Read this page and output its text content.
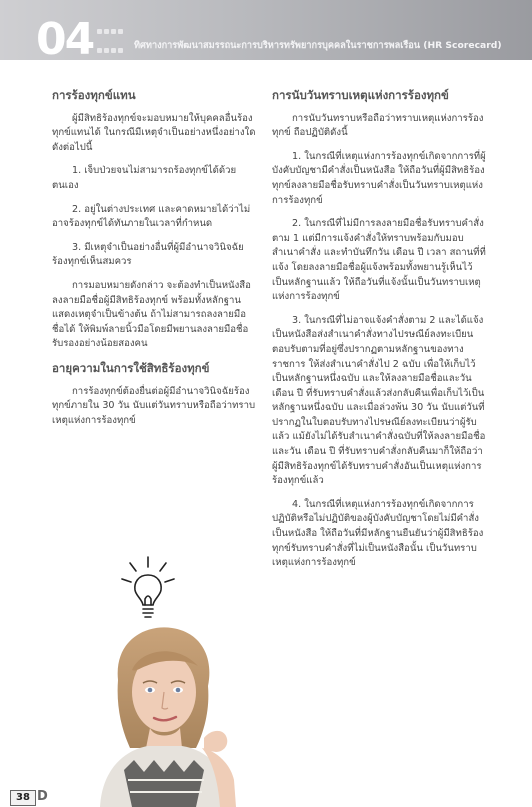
04	ทิศทางการพัฒนาสมรรถนะการบริหารทรัพยากรบุคคลในราชการพลเรือน (HR Scorecard)

การร้องทุกข์แทน

ผู้มีสิทธิร้องทุกข์จะมอบหมายให้บุคคลอื่นร้องทุกข์แทนได้ ในกรณีมีเหตุจำเป็นอย่างหนึ่งอย่างใดดังต่อไปนี้

1. เจ็บป่วยจนไม่สามารถร้องทุกข์ได้ด้วยตนเอง

2. อยู่ในต่างประเทศ และคาดหมายได้ว่าไม่อาจร้องทุกข์ได้ทันภายในเวลาที่กำหนด

3. มีเหตุจำเป็นอย่างอื่นที่ผู้มีอำนาจวินิจฉัยร้องทุกข์เห็นสมควร

การมอบหมายดังกล่าว จะต้องทำเป็นหนังสือลงลายมือชื่อผู้มีสิทธิร้องทุกข์ พร้อมทั้งหลักฐานแสดงเหตุจำเป็นข้างต้น ถ้าไม่สามารถลงลายมือชื่อได้ ให้พิมพ์ลายนิ้วมือโดยมีพยานลงลายมือชื่อรับรองอย่างน้อยสองคน

อายุความในการใช้สิทธิร้องทุกข์

การร้องทุกข์ต้องยื่นต่อผู้มีอำนาจวินิจฉัยร้องทุกข์ภายใน 30 วัน นับแต่วันทราบหรือถือว่าทราบเหตุแห่งการร้องทุกข์

การนับวันทราบเหตุแห่งการร้องทุกข์

การนับวันทราบหรือถือว่าทราบเหตุแห่งการร้องทุกข์ ถือปฏิบัติดังนี้

1. ในกรณีที่เหตุแห่งการร้องทุกข์เกิดจากการที่ผู้บังคับบัญชามีคำสั่งเป็นหนังสือ ให้ถือวันที่ผู้มีสิทธิร้องทุกข์ลงลายมือชื่อรับทราบคำสั่งเป็นวันทราบเหตุแห่งการร้องทุกข์

2. ในกรณีที่ไม่มีการลงลายมือชื่อรับทราบคำสั่งตาม 1 แต่มีการแจ้งคำสั่งให้ทราบพร้อมกับมอบสำเนาคำสั่ง และทำบันทึกวัน เดือน ปี เวลา สถานที่ที่แจ้ง โดยลงลายมือชื่อผู้แจ้งพร้อมทั้งพยานรู้เห็นไว้เป็นหลักฐานแล้ว ให้ถือวันที่แจ้งนั้นเป็นวันทราบเหตุแห่งการร้องทุกข์

3. ในกรณีที่ไม่อาจแจ้งคำสั่งตาม 2 และได้แจ้งเป็นหนังสือส่งสำเนาคำสั่งทางไปรษณีย์ลงทะเบียนตอบรับตามที่อยู่ซึ่งปรากฏตามหลักฐานของทางราชการ ให้ส่งสำเนาคำสั่งไป 2 ฉบับ เพื่อให้เก็บไว้เป็นหลักฐานหนึ่งฉบับ และให้ลงลายมือชื่อและวัน เดือน ปี ที่รับทราบคำสั่งแล้วส่งกลับคืนเพื่อเก็บไว้เป็นหลักฐานหนึ่งฉบับ และเมื่อล่วงพ้น 30 วัน นับแต่วันที่ปรากฏในใบตอบรับทางไปรษณีย์ลงทะเบียนว่าผู้รับแล้ว แม้ยังไม่ได้รับสำเนาคำสั่งฉบับที่ให้ลงลายมือชื่อและวัน เดือน ปี ที่รับทราบคำสั่งกลับคืนมาก็ให้ถือว่าผู้มีสิทธิร้องทุกข์ได้รับทราบคำสั่งอันเป็นเหตุแห่งการร้องทุกข์แล้ว

4. ในกรณีที่เหตุแห่งการร้องทุกข์เกิดจากการปฏิบัติหรือไม่ปฏิบัติของผู้บังคับบัญชาโดยไม่มีคำสั่งเป็นหนังสือ ให้ถือวันที่มีหลักฐานยืนยันว่าผู้มีสิทธิร้องทุกข์รับทราบคำสั่งที่ไม่เป็นหนังสือนั้น เป็นวันทราบเหตุแห่งการร้องทุกข์

38 D
